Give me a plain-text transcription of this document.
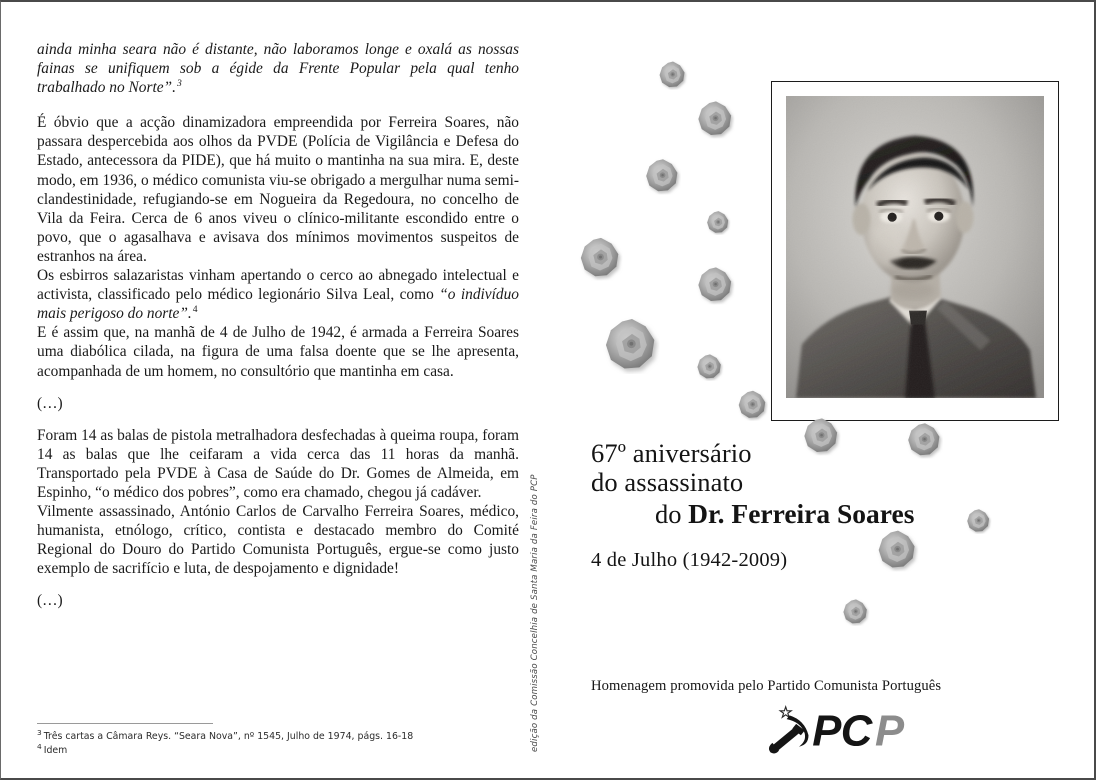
ainda minha seara não é distante, não laboramos longe e oxalá as nossas fainas se unifiquem sob a égide da Frente Popular pela qual tenho trabalhado no Norte”.$^3$

É óbvio que a acção dinamizadora empreendida por Ferreira Soares, não passara despercebida aos olhos da PVDE (Polícia de Vigilância e Defesa do Estado, antecessora da PIDE), que há muito o mantinha na sua mira. E, deste modo, em 1936, o médico comunista viu-se obrigado a mergulhar numa semi-clandestinidade, refugiando-se em Nogueira da Regedoura, no concelho de Vila da Feira. Cerca de 6 anos viveu o clínico-militante escondido entre o povo, que o agasalhava e avisava dos mínimos movimentos suspeitos de estranhos na área.

Os esbirros salazaristas vinham apertando o cerco ao abnegado intelectual e activista, classificado pelo médico legionário Silva Leal, como “o indivíduo mais perigoso do norte”.$^4$

E é assim que, na manhã de 4 de Julho de 1942, é armada a Ferreira Soares uma diabólica cilada, na figura de uma falsa doente que se lhe apresenta, acompanhada de um homem, no consultório que mantinha em casa.

(…)

Foram 14 as balas de pistola metralhadora desfechadas à queima roupa, foram 14 as balas que lhe ceifaram a vida cerca das 11 horas da manhã. Transportado pela PVDE à Casa de Saúde do Dr. Gomes de Almeida, em Espinho, “o médico dos pobres”, como era chamado, chegou já cadáver.

Vilmente assassinado, António Carlos de Carvalho Ferreira Soares, médico, humanista, etnólogo, crítico, contista e destacado membro do Comité Regional do Douro do Partido Comunista Português, ergue-se como justo exemplo de sacrifício e luta, de despojamento e dignidade!

(…)

$^3$ Três cartas a Câmara Reys. “Seara Nova”, nº 1545, Julho de 1974, págs. 16-18
$^4$ Idem	edição da Comissão Concelhia de Santa Maria da Feira do PCP
67º aniversário
do assassinato
do Dr. Ferreira Soares
4 de Julho (1942-2009)
Homenagem promovida pelo Partido Comunista Português
P C P
